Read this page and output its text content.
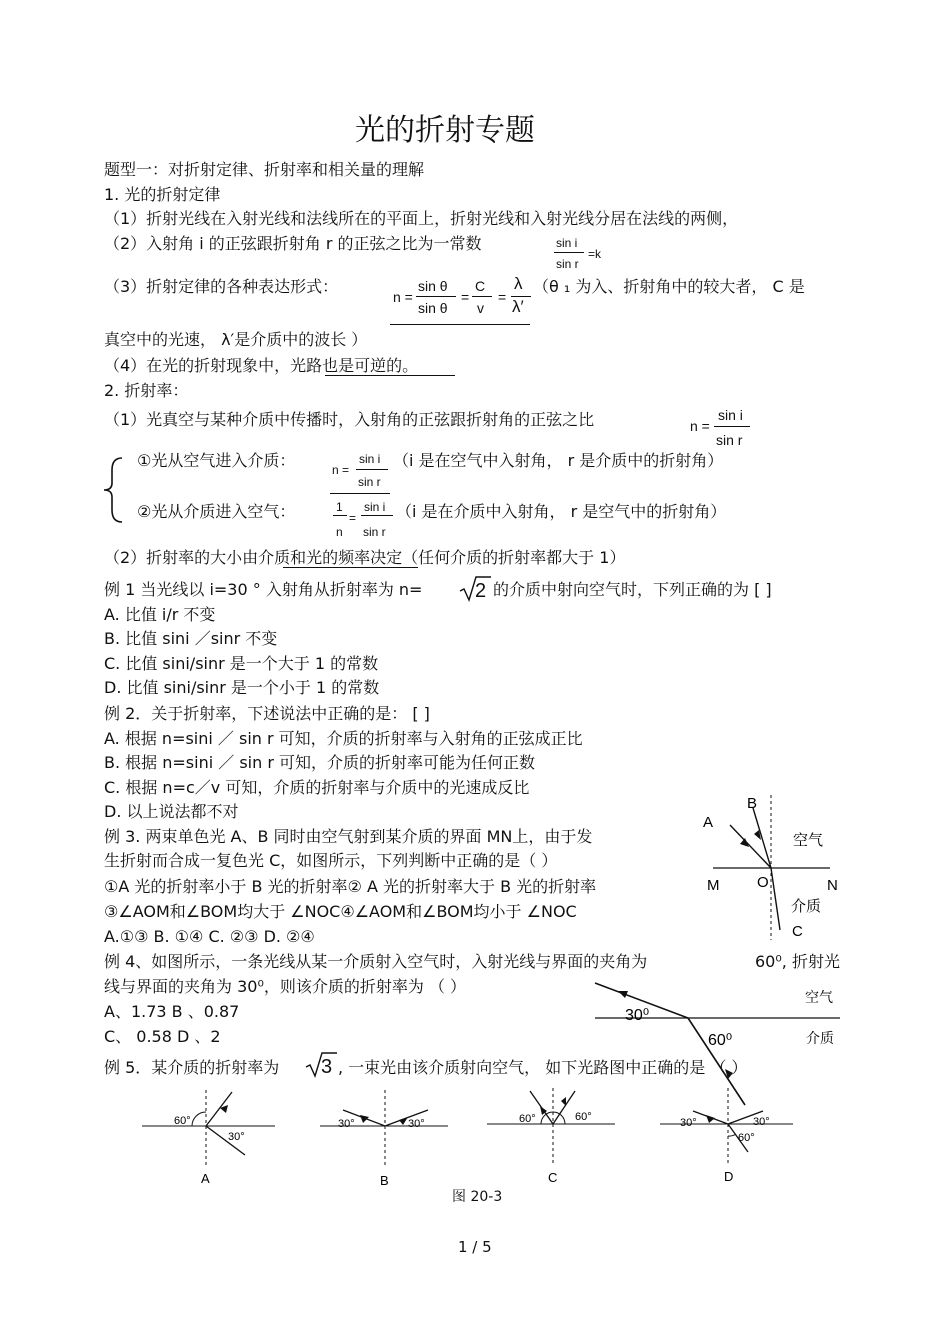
光的折射专题
题型一：对折射定律、折射率和相关量的理解
1. 光的折射定律
（1）折射光线在入射光线和法线所在的平面上，折射光线和入射光线分居在法线的两侧，
（2）入射角 i 的正弦跟折射角 r 的正弦之比为一常数	sin i
sin r
=k
（3）折射定律的各种表达形式：
n =
sin θ
sin θ
=
C
v
=
λ
λ′
（θ ₁ 为入、折射角中的较大者， C 是
真空中的光速， λ′是介质中的波长 ）
（4）在光的折射现象中，光路也是可逆的。
2. 折射率：
（1）光真空与某种介质中传播时，入射角的正弦跟折射角的正弦之比	n =
sin i
sin r
①光从空气进入介质：	n =
sin i
sin r
（i 是在空气中入射角， r 是介质中的折射角）
②光从介质进入空气：	1
n
=
sin i
sin r
（i 是在介质中入射角， r 是空气中的折射角）
（2）折射率的大小由介质和光的频率决定（任何介质的折射率都大于 1）
例 1 当光线以 i=30 ° 入射角从折射率为 n=	2 的介质中射向空气时，下列正确的为 [ ]
A. 比值 i/r 不变
B. 比值 sini ／sinr 不变
C. 比值 sini/sinr 是一个大于 1 的常数
D. 比值 sini/sinr 是一个小于 1 的常数
例 2．关于折射率，下述说法中正确的是： [ ]
A. 根据 n=sini ／ sin r 可知，介质的折射率与入射角的正弦成正比
B. 根据 n=sini ／ sin r 可知，介质的折射率可能为任何正数
C. 根据 n=c／v 可知，介质的折射率与介质中的光速成反比
D. 以上说法都不对
例 3. 两束单色光 A、B 同时由空气射到某介质的界面 MN上，由于发
生折射而合成一复色光 C，如图所示，下列判断中正确的是（ ）
①A 光的折射率小于 B 光的折射率② A 光的折射率大于 B 光的折射率
③∠AOM和∠BOM均大于 ∠NOC④∠AOM和∠BOM均小于 ∠NOC
A.①③ B. ①④ C. ②③ D. ②④
A
B
空气
M	O	N
介质
C
例 4、如图所示，一条光线从某一介质射入空气时，入射光线与界面的夹角为	60⁰, 折射光
线与界面的夹角为 30⁰，则该介质的折射率为 （ ）
A、1.73 B 、0.87
C、 0.58 D 、2
30⁰
60⁰
空气
介质
例 5．某介质的折射率为 3 , 一束光由该介质射向空气， 如下光路图中正确的是 （ ）
60°
30°
A
30°	30°
B
60°	60°
C
30°	30°
60°
D
图 20-3
1 / 5
